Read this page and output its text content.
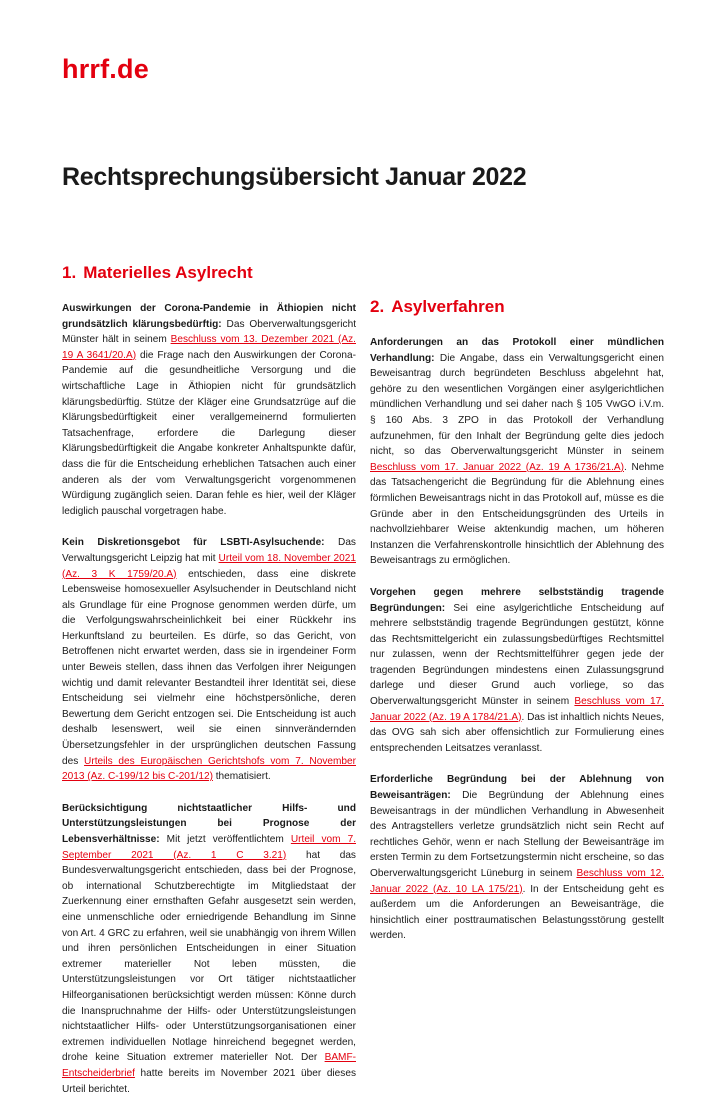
hrrf.de
Rechtsprechungsübersicht Januar 2022
1. Materielles Asylrecht

Auswirkungen der Corona-Pandemie in Äthiopien nicht grundsätzlich klärungsbedürftig: Das Oberverwaltungsgericht Münster hält in seinem Beschluss vom 13. Dezember 2021 (Az. 19 A 3641/20.A) die Frage nach den Auswirkungen der Corona-Pandemie auf die gesundheitliche Versorgung und die wirtschaftliche Lage in Äthiopien nicht für grundsätzlich klärungsbedürftig. Stütze der Kläger eine Grundsatzrüge auf die Klärungsbedürftigkeit einer verallgemeinernd formulierten Tatsachenfrage, erfordere die Darlegung dieser Klärungsbedürftigkeit die Angabe konkreter Anhaltspunkte dafür, dass die für die Entscheidung erheblichen Tatsachen auch einer anderen als der vom Verwaltungsgericht vorgenommenen Würdigung zugänglich seien. Daran fehle es hier, weil der Kläger lediglich pauschal vorgetragen habe.

Kein Diskretionsgebot für LSBTI-Asylsuchende: Das Verwaltungsgericht Leipzig hat mit Urteil vom 18. November 2021 (Az. 3 K 1759/20.A) entschieden, dass eine diskrete Lebensweise homosexueller Asylsuchender in Deutschland nicht als Grundlage für eine Prognose genommen werden dürfe, um die Verfolgungswahrscheinlichkeit bei einer Rückkehr ins Herkunftsland zu beurteilen. Es dürfe, so das Gericht, von Betroffenen nicht erwartet werden, dass sie in irgendeiner Form unter Beweis stellen, dass ihnen das Verfolgen ihrer Neigungen wichtig und damit relevanter Bestandteil ihrer Identität sei, diese Entscheidung sei vielmehr eine höchstpersönliche, deren Bewertung dem Gericht entzogen sei. Die Entscheidung ist auch deshalb lesenswert, weil sie einen sinnverändernden Übersetzungsfehler in der ursprünglichen deutschen Fassung des Urteils des Europäischen Gerichtshofs vom 7. November 2013 (Az. C-199/12 bis C-201/12) thematisiert.

Berücksichtigung nichtstaatlicher Hilfs- und Unterstützungsleistungen bei Prognose der Lebensverhältnisse: Mit jetzt veröffentlichtem Urteil vom 7. September 2021 (Az. 1 C 3.21) hat das Bundesverwaltungsgericht entschieden, dass bei der Prognose, ob international Schutzberechtigte im Mitgliedstaat der Zuerkennung einer ernsthaften Gefahr ausgesetzt sein werden, eine unmenschliche oder erniedrigende Behandlung im Sinne von Art. 4 GRC zu erfahren, weil sie unabhängig von ihrem Willen und ihren persönlichen Entscheidungen in einer Situation extremer materieller Not leben müssten, die Unterstützungsleistungen vor Ort tätiger nichtstaatlicher Hilfeorganisationen berücksichtigt werden müssen: Könne durch die Inanspruchnahme der Hilfs- oder Unterstützungsleistungen nichtstaatlicher Hilfs- oder Unterstützungsorganisationen einer extremen individuellen Notlage hinreichend begegnet werden, drohe keine Situation extremer materieller Not. Der BAMF-Entscheiderbrief hatte bereits im November 2021 über dieses Urteil berichtet.

2. Asylverfahren

Anforderungen an das Protokoll einer mündlichen Verhandlung: Die Angabe, dass ein Verwaltungsgericht einen Beweisantrag durch begründeten Beschluss abgelehnt hat, gehöre zu den wesentlichen Vorgängen einer asylgerichtlichen mündlichen Verhandlung und sei daher nach § 105 VwGO i.V.m. § 160 Abs. 3 ZPO in das Protokoll der Verhandlung aufzunehmen, für den Inhalt der Begründung gelte dies jedoch nicht, so das Oberverwaltungsgericht Münster in seinem Beschluss vom 17. Januar 2022 (Az. 19 A 1736/21.A). Nehme das Tatsachengericht die Begründung für die Ablehnung eines förmlichen Beweisantrags nicht in das Protokoll auf, müsse es die Gründe aber in den Entscheidungsgründen des Urteils in nachvollziehbarer Weise aktenkundig machen, um höheren Instanzen die Verfahrenskontrolle hinsichtlich der Ablehnung des Beweisantrags zu ermöglichen.

Vorgehen gegen mehrere selbstständig tragende Begründungen: Sei eine asylgerichtliche Entscheidung auf mehrere selbstständig tragende Begründungen gestützt, könne das Rechtsmittelgericht ein zulassungsbedürftiges Rechtsmittel nur zulassen, wenn der Rechtsmittelführer gegen jede der tragenden Begründungen mindestens einen Zulassungsgrund darlege und dieser Grund auch vorliege, so das Oberverwaltungsgericht Münster in seinem Beschluss vom 17. Januar 2022 (Az. 19 A 1784/21.A). Das ist inhaltlich nichts Neues, das OVG sah sich aber offensichtlich zur Formulierung eines entsprechenden Leitsatzes veranlasst.

Erforderliche Begründung bei der Ablehnung von Beweisanträgen: Die Begründung der Ablehnung eines Beweisantrags in der mündlichen Verhandlung in Abwesenheit des Antragstellers verletze grundsätzlich nicht sein Recht auf rechtliches Gehör, wenn er nach Stellung der Beweisanträge im ersten Termin zu dem Fortsetzungstermin nicht erscheine, so das Oberverwaltungsgericht Lüneburg in seinem Beschluss vom 12. Januar 2022 (Az. 10 LA 175/21). In der Entscheidung geht es außerdem um die Anforderungen an Beweisanträge, die hinsichtlich einer posttraumatischen Belastungsstörung gestellt werden.
